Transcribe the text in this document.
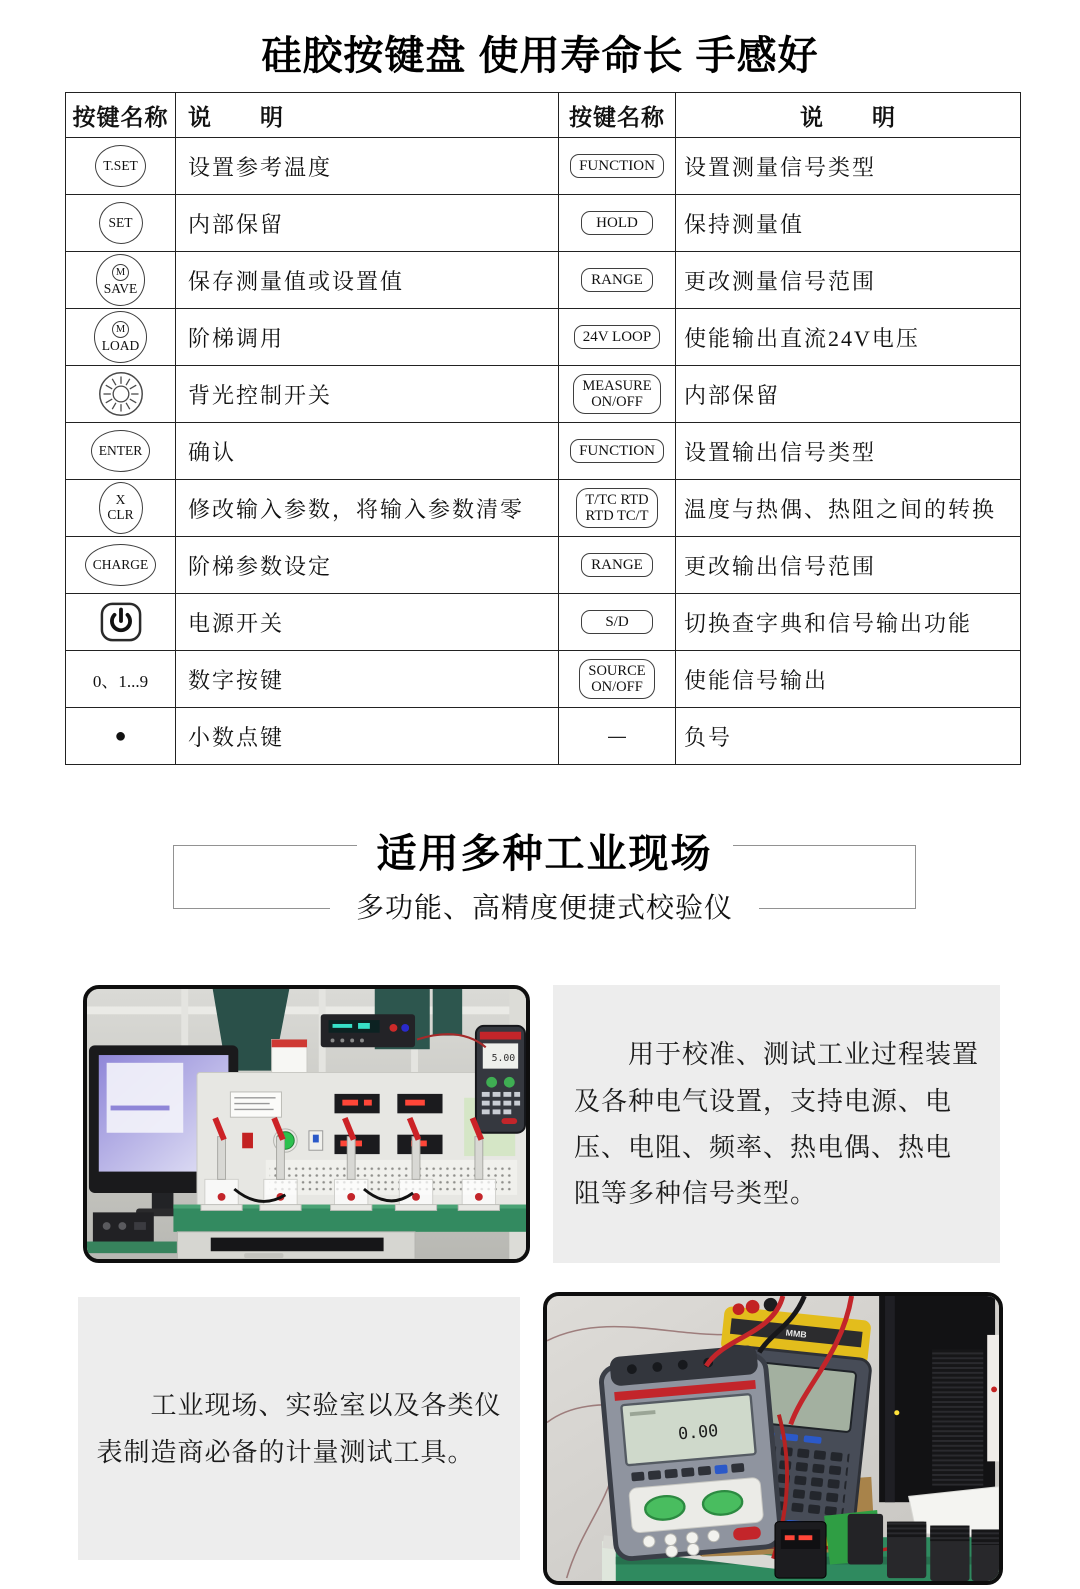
硅胶按键盘 使用寿命长 手感好
按键名称	说　　明	按键名称	说　　明

T.SET	设置参考温度	FUNCTION	设置测量信号类型

SET	内部保留	HOLD	保持测量值

M
SAVE	保存测量值或设置值	RANGE	更改测量信号范围

M
LOAD	阶梯调用	24V LOOP	使能输出直流24V电压
	背光控制开关	MEASURE
ON/OFF	内部保留

ENTER	确认	FUNCTION	设置输出信号类型

X
CLR	修改输入参数，将输入参数清零	T/TC RTD
RTD TC/T	温度与热偶、热阻之间的转换

CHARGE	阶梯参数设定	RANGE	更改输出信号范围
	电源开关	S/D	切换查字典和信号输出功能
0、1...9	数字按键	SOURCE
ON/OFF	使能信号输出
●	小数点键	—	负号
适用多种工业现场
多功能、高精度便捷式校验仪
5.00 　　用于校准、测试工业过程装置
及各种电气设置，支持电源、电
压、电阻、频率、热电偶、热电
阻等多种信号类型。
　　工业现场、实验室以及各类仪
表制造商必备的计量测试工具。
MMB
0.00
